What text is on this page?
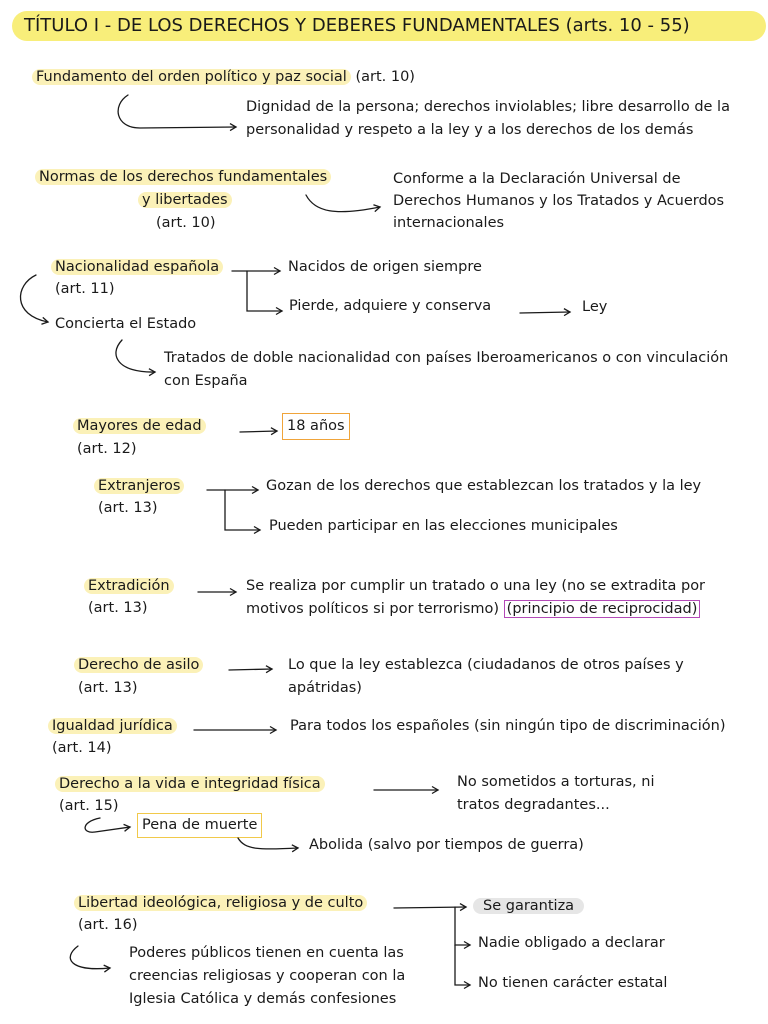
TÍTULO I - DE LOS DERECHOS Y DEBERES FUNDAMENTALES (arts. 10 - 55)
Fundamento del orden político y paz social (art. 10)
Dignidad de la persona; derechos inviolables; libre desarrollo de la
personalidad y respeto a la ley y a los derechos de los demás
Normas de los derechos fundamentales
y libertades
(art. 10)
Conforme a la Declaración Universal de
Derechos Humanos y los Tratados y Acuerdos
internacionales
Nacionalidad española
(art. 11)
Nacidos de origen siempre
Pierde, adquiere y conserva	Ley
Concierta el Estado
Tratados de doble nacionalidad con países Iberoamericanos o con vinculación
con España
Mayores de edad
(art. 12)
18 años
Extranjeros
(art. 13)
Gozan de los derechos que establezcan los tratados y la ley
Pueden participar en las elecciones municipales
Extradición
(art. 13)
Se realiza por cumplir un tratado o una ley (no se extradita por
motivos políticos si por terrorismo) (principio de reciprocidad)
Derecho de asilo
(art. 13)
Lo que la ley establezca (ciudadanos de otros países y
apátridas)
Igualdad jurídica
(art. 14)
Para todos los españoles (sin ningún tipo de discriminación)
Derecho a la vida e integridad física
(art. 15)
No sometidos a torturas, ni
tratos degradantes...
Pena de muerte
Abolida (salvo por tiempos de guerra)
Libertad ideológica, religiosa y de culto
(art. 16)
Se garantiza
Nadie obligado a declarar
No tienen carácter estatal
Poderes públicos tienen en cuenta las
creencias religiosas y cooperan con la
Iglesia Católica y demás confesiones
